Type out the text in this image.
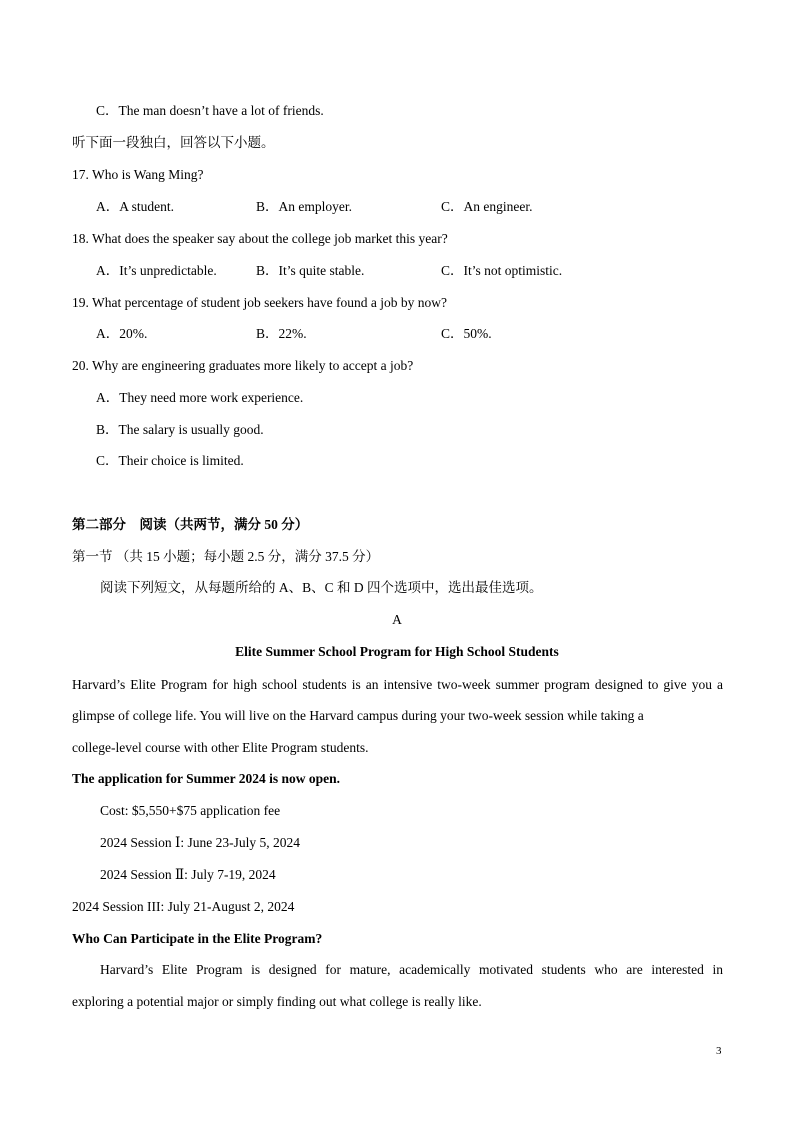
C．The man doesn’t have a lot of friends.
听下面一段独白，回答以下小题。
17. Who is Wang Ming?
A．A student.	B．An employer.	C．An engineer.
18. What does the speaker say about the college job market this year?
A．It’s unpredictable.	B．It’s quite stable.	C．It’s not optimistic.
19. What percentage of student job seekers have found a job by now?
A．20%.	B．22%.	C．50%.
20. Why are engineering graduates more likely to accept a job?
A．They need more work experience.
B．The salary is usually good.
C．Their choice is limited.
第二部分　阅读（共两节，满分 50 分）
第一节 （共 15 小题；每小题 2.5 分，满分 37.5 分）
阅读下列短文，从每题所给的 A、B、C 和 D 四个选项中，选出最佳选项。
A
Elite Summer School Program for High School Students
Harvard’s Elite Program for high school students is an intensive two-week summer program designed to give you a
glimpse of college life. You will live on the Harvard campus during your two-week session while taking a
college-level course with other Elite Program students.
The application for Summer 2024 is now open.
Cost: $5,550+$75 application fee
2024 Session Ⅰ: June 23-July 5, 2024
2024 Session Ⅱ: July 7-19, 2024
2024 Session III: July 21-August 2, 2024
Who Can Participate in the Elite Program?
Harvard’s Elite Program is designed for mature, academically motivated students who are interested in
exploring a potential major or simply finding out what college is really like.
3
